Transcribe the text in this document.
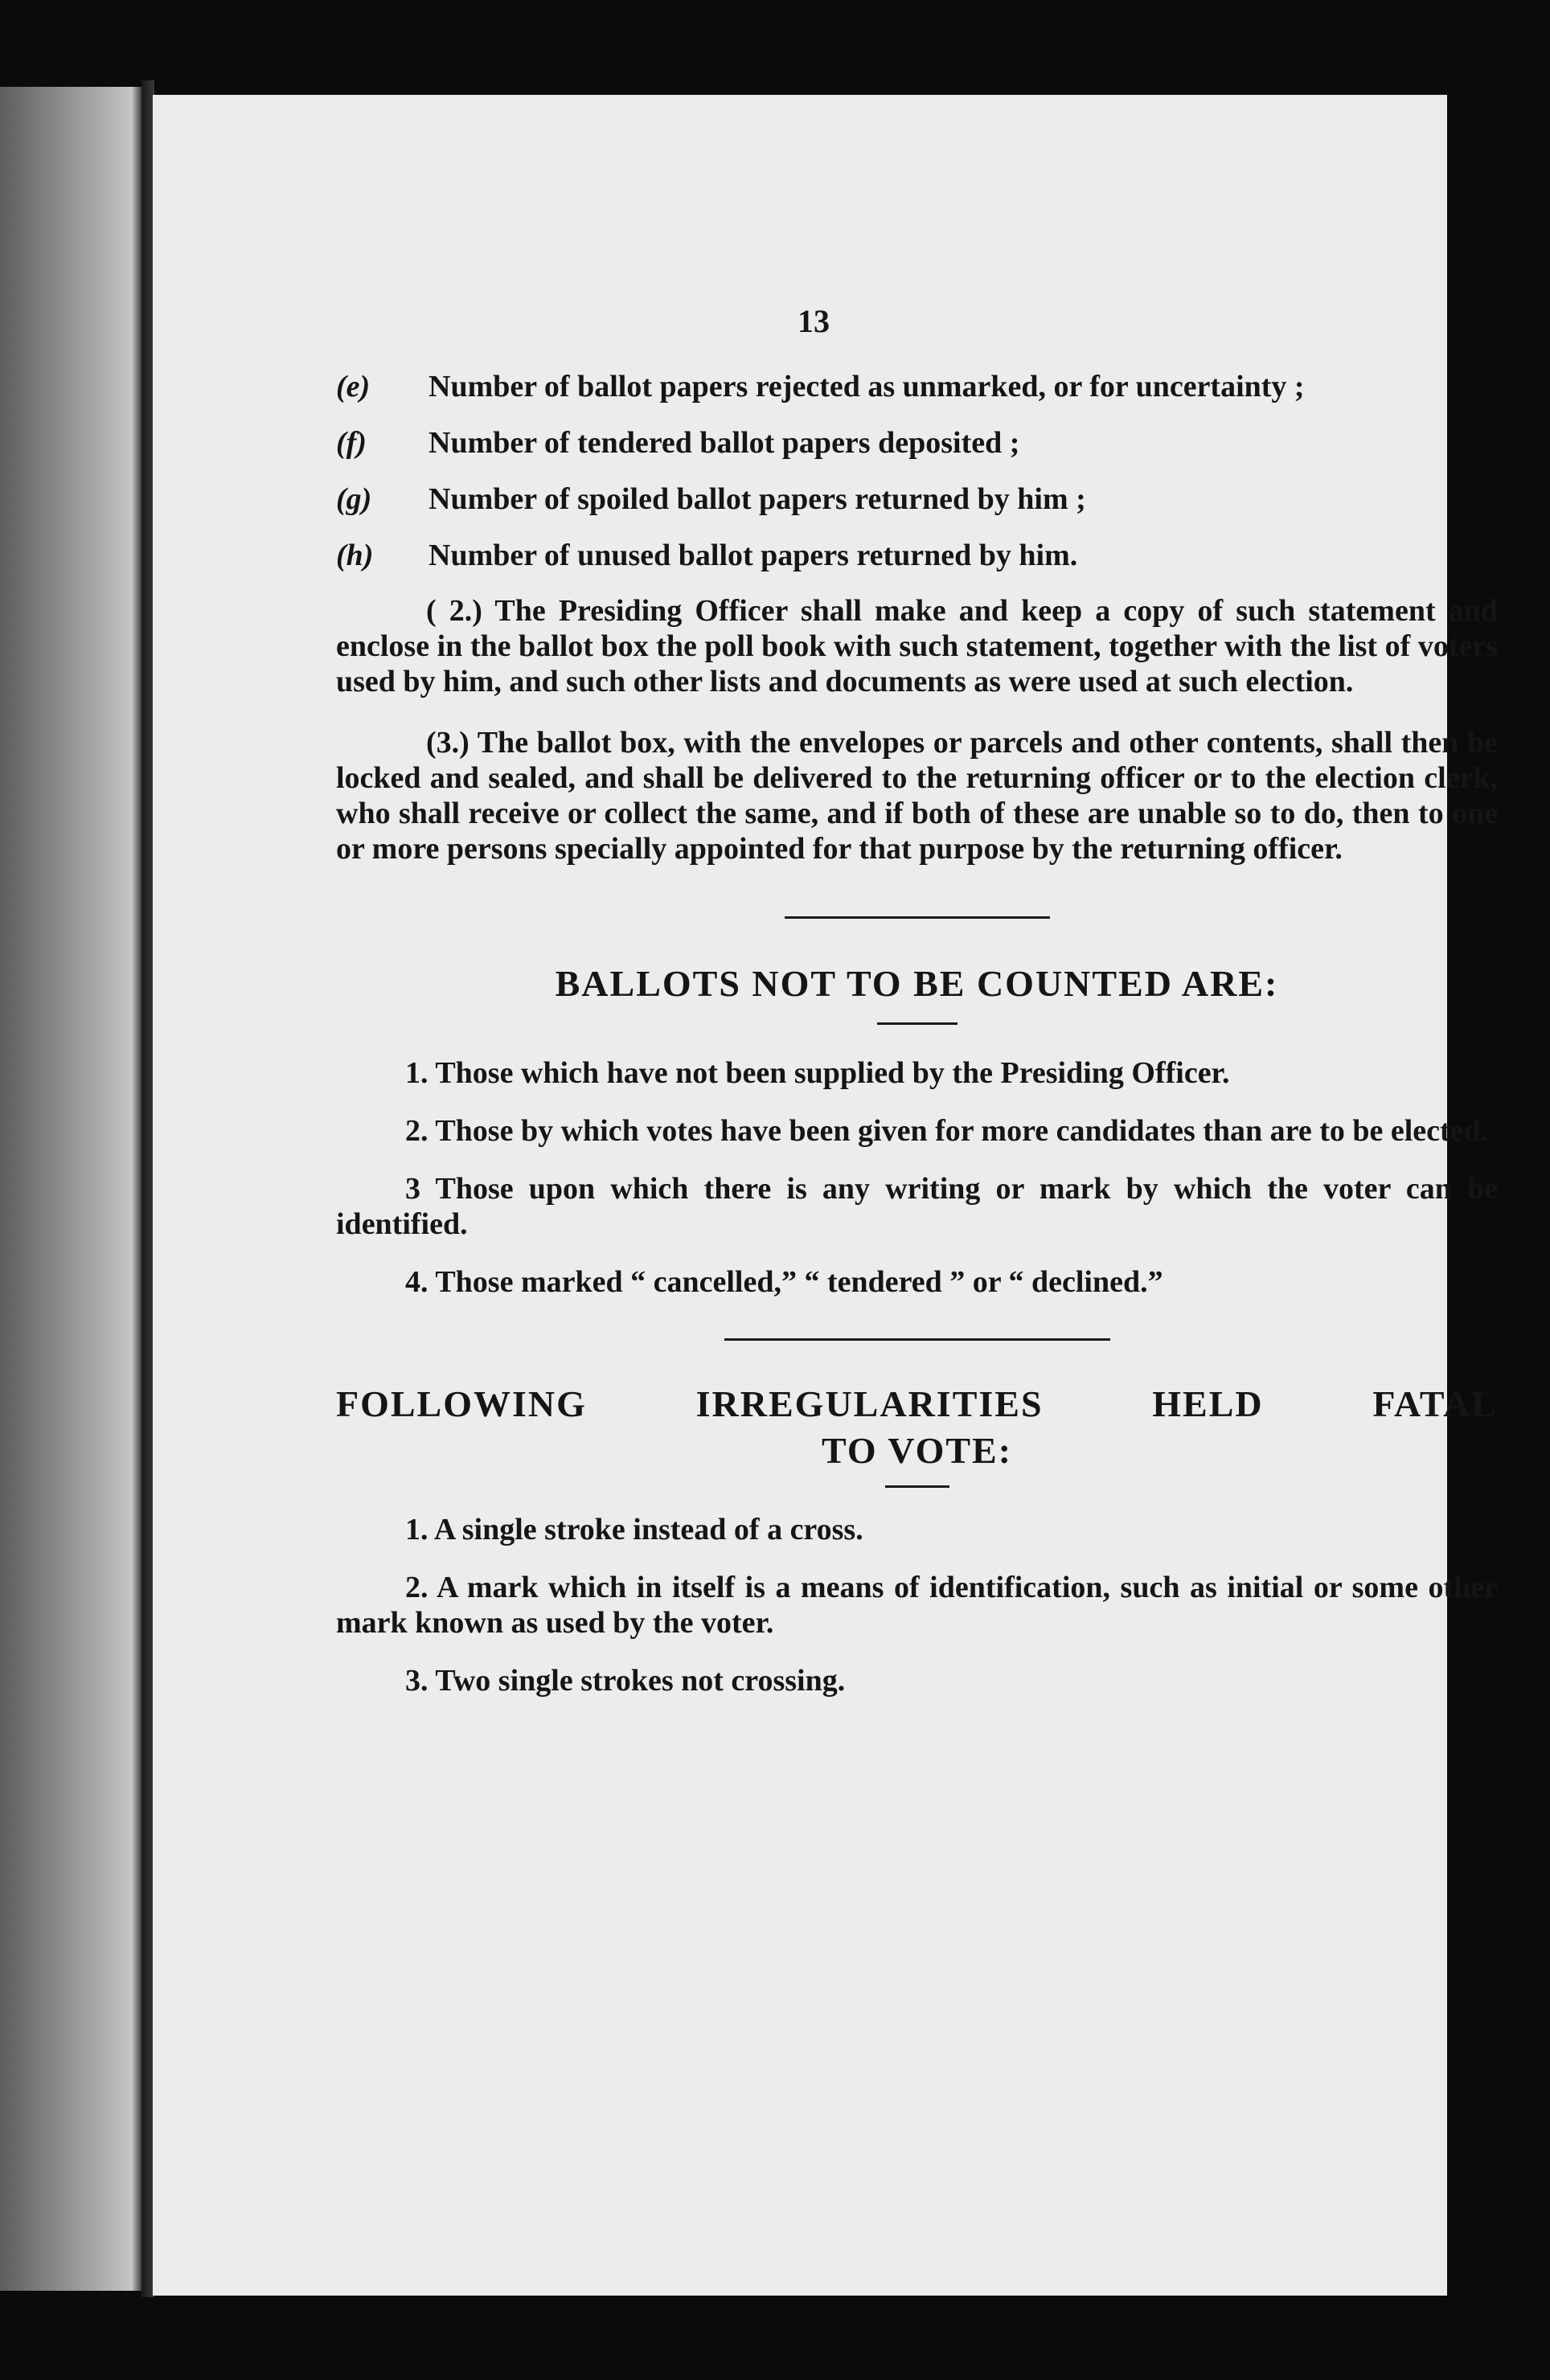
13
(e) Number of ballot papers rejected as unmarked, or for uncertainty ;
(f) Number of tendered ballot papers deposited ;
(g) Number of spoiled ballot papers returned by him ;
(h) Number of unused ballot papers returned by him.

( 2.) The Presiding Officer shall make and keep a copy of such statement and enclose in the ballot box the poll book with such statement, together with the list of voters used by him, and such other lists and documents as were used at such election.

(3.) The ballot box, with the envelopes or parcels and other contents, shall then be locked and sealed, and shall be delivered to the returning officer or to the election clerk, who shall receive or collect the same, and if both of these are unable so to do, then to one or more persons specially appointed for that purpose by the returning officer.

BALLOTS NOT TO BE COUNTED ARE:

1. Those which have not been supplied by the Presiding Officer.

2. Those by which votes have been given for more candidates than are to be elected.

3 Those upon which there is any writing or mark by which the voter can be identified.

4. Those marked “ cancelled,” “ tendered ” or “ declined.”

FOLLOWING IRREGULARITIES HELD FATAL

TO VOTE:

1. A single stroke instead of a cross.

2. A mark which in itself is a means of identification, such as initial or some other mark known as used by the voter.

3. Two single strokes not crossing.
